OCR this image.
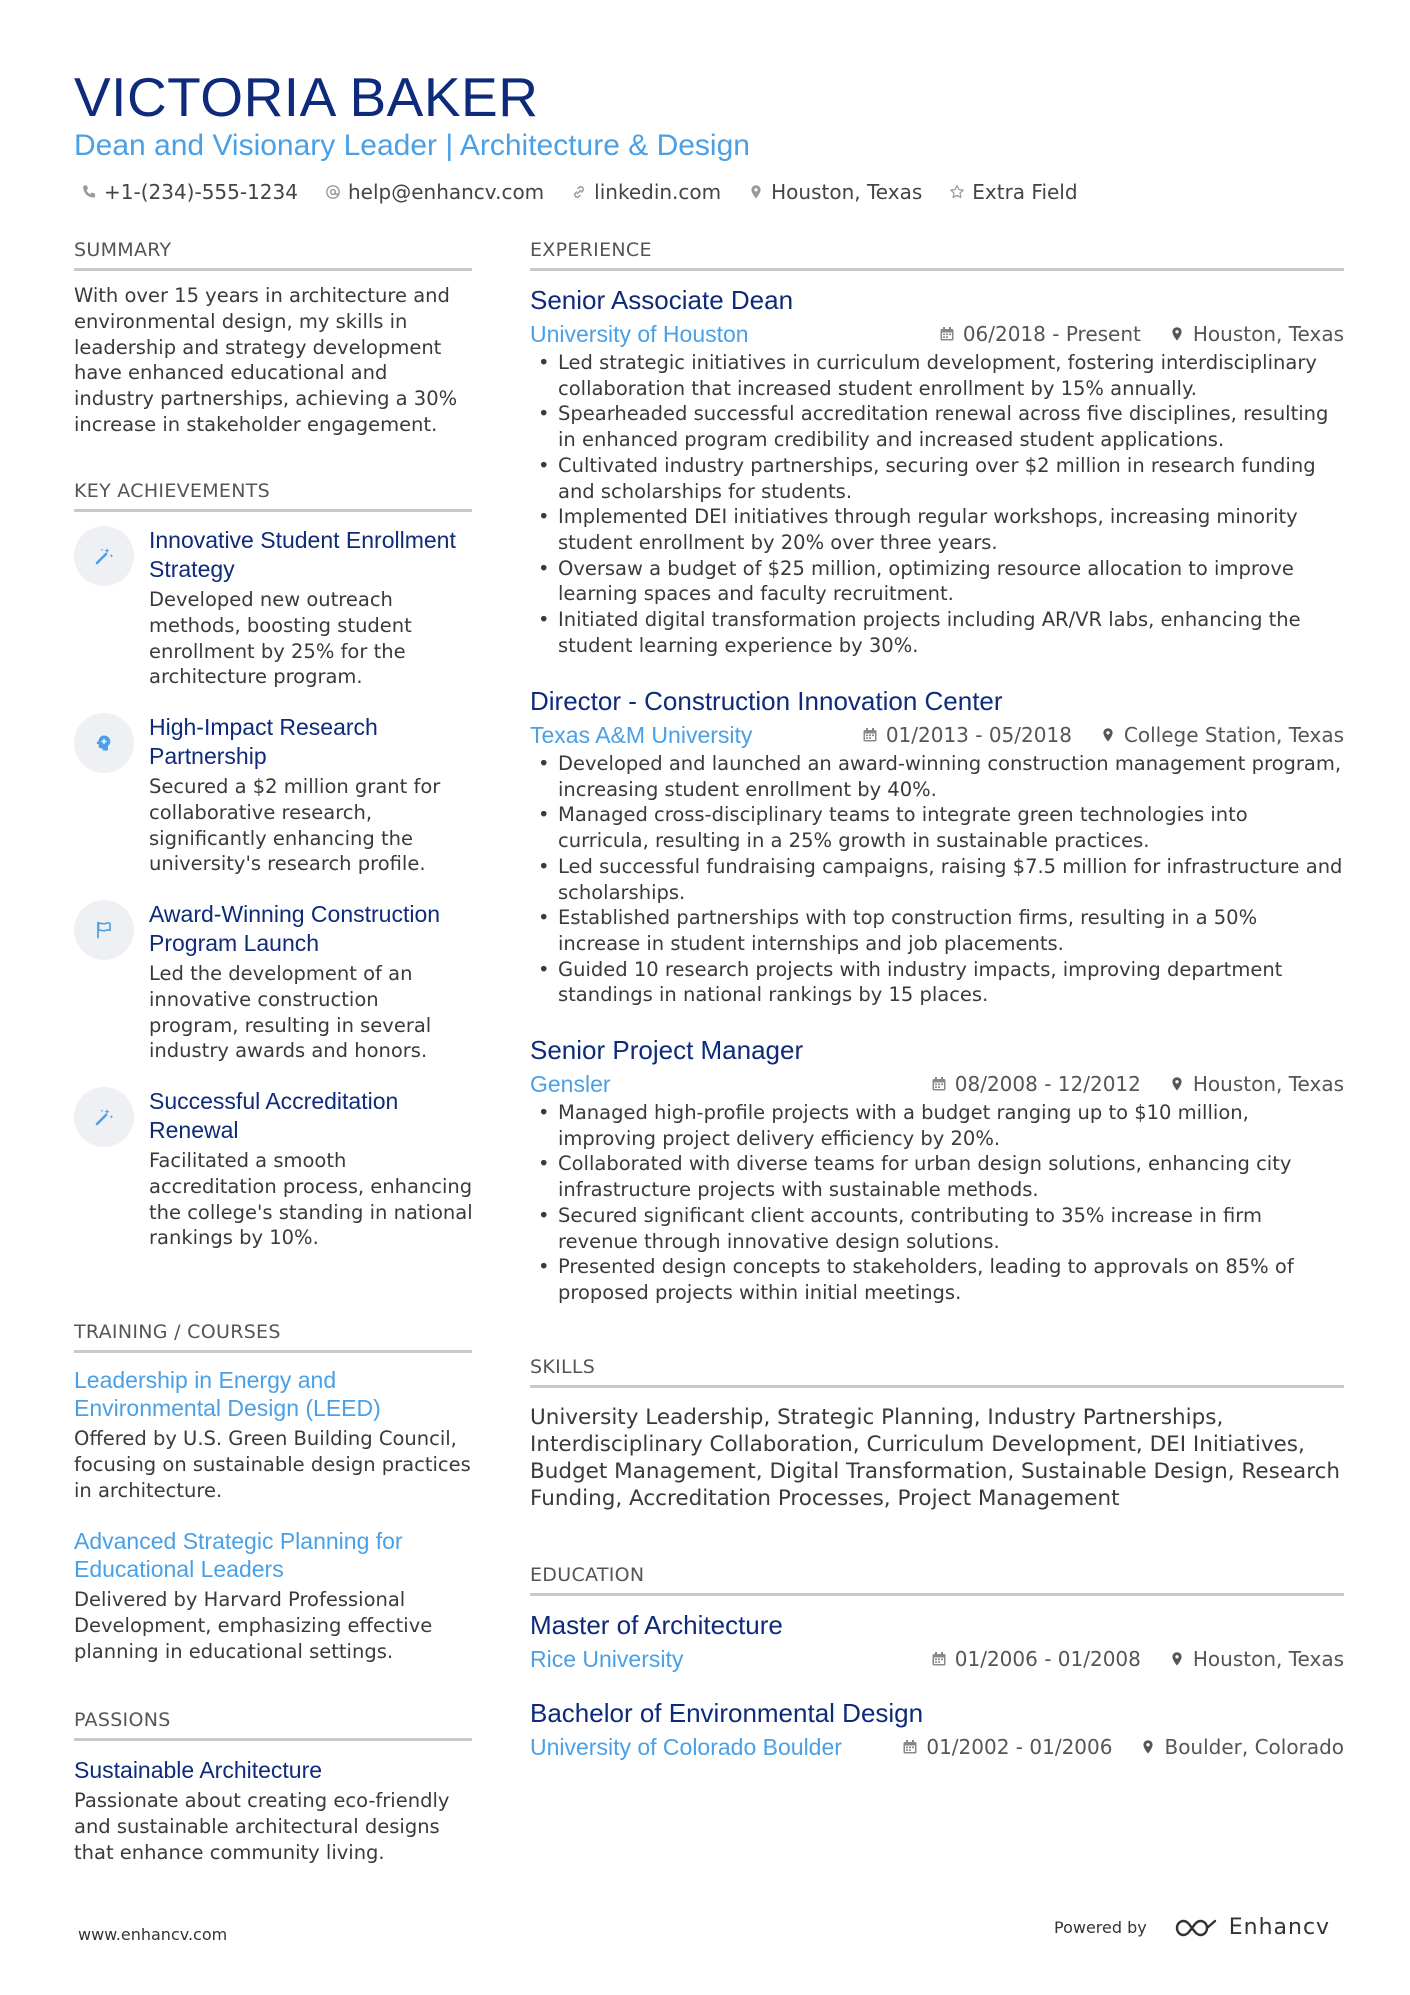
VICTORIA BAKER
Dean and Visionary Leader | Architecture & Design
+1-(234)-555-1234	help@enhancv.com	linkedin.com	Houston, Texas	Extra Field
SUMMARY
With over 15 years in architecture and environmental design, my skills in leadership and strategy development have enhanced educational and industry partnerships, achieving a 30% increase in stakeholder engagement.
KEY ACHIEVEMENTS
Innovative Student Enrollment Strategy
Developed new outreach methods, boosting student enrollment by 25% for the architecture program.
High-Impact Research Partnership
Secured a $2 million grant for collaborative research, significantly enhancing the university's research profile.
Award-Winning Construction Program Launch
Led the development of an innovative construction program, resulting in several industry awards and honors.
Successful Accreditation Renewal
Facilitated a smooth accreditation process, enhancing the college's standing in national rankings by 10%.
TRAINING / COURSES
Leadership in Energy and Environmental Design (LEED)
Offered by U.S. Green Building Council, focusing on sustainable design practices in architecture.
Advanced Strategic Planning for Educational Leaders
Delivered by Harvard Professional Development, emphasizing effective planning in educational settings.
PASSIONS
Sustainable Architecture
Passionate about creating eco-friendly and sustainable architectural designs that enhance community living.
EXPERIENCE
Senior Associate Dean
University of Houston	06/2018 - Present	Houston, Texas
• Led strategic initiatives in curriculum development, fostering interdisciplinary collaboration that increased student enrollment by 15% annually.
• Spearheaded successful accreditation renewal across five disciplines, resulting in enhanced program credibility and increased student applications.
• Cultivated industry partnerships, securing over $2 million in research funding and scholarships for students.
• Implemented DEI initiatives through regular workshops, increasing minority student enrollment by 20% over three years.
• Oversaw a budget of $25 million, optimizing resource allocation to improve learning spaces and faculty recruitment.
• Initiated digital transformation projects including AR/VR labs, enhancing the student learning experience by 30%.
Director - Construction Innovation Center
Texas A&M University	01/2013 - 05/2018	College Station, Texas
• Developed and launched an award-winning construction management program, increasing student enrollment by 40%.
• Managed cross-disciplinary teams to integrate green technologies into curricula, resulting in a 25% growth in sustainable practices.
• Led successful fundraising campaigns, raising $7.5 million for infrastructure and scholarships.
• Established partnerships with top construction firms, resulting in a 50% increase in student internships and job placements.
• Guided 10 research projects with industry impacts, improving department standings in national rankings by 15 places.
Senior Project Manager
Gensler	08/2008 - 12/2012	Houston, Texas
• Managed high-profile projects with a budget ranging up to $10 million, improving project delivery efficiency by 20%.
• Collaborated with diverse teams for urban design solutions, enhancing city infrastructure projects with sustainable methods.
• Secured significant client accounts, contributing to 35% increase in firm revenue through innovative design solutions.
• Presented design concepts to stakeholders, leading to approvals on 85% of proposed projects within initial meetings.
SKILLS
University Leadership, Strategic Planning, Industry Partnerships, Interdisciplinary Collaboration, Curriculum Development, DEI Initiatives, Budget Management, Digital Transformation, Sustainable Design, Research Funding, Accreditation Processes, Project Management
EDUCATION
Master of Architecture
Rice University	01/2006 - 01/2008	Houston, Texas
Bachelor of Environmental Design
University of Colorado Boulder	01/2002 - 01/2006	Boulder, Colorado
www.enhancv.com	Powered by	Enhancv
